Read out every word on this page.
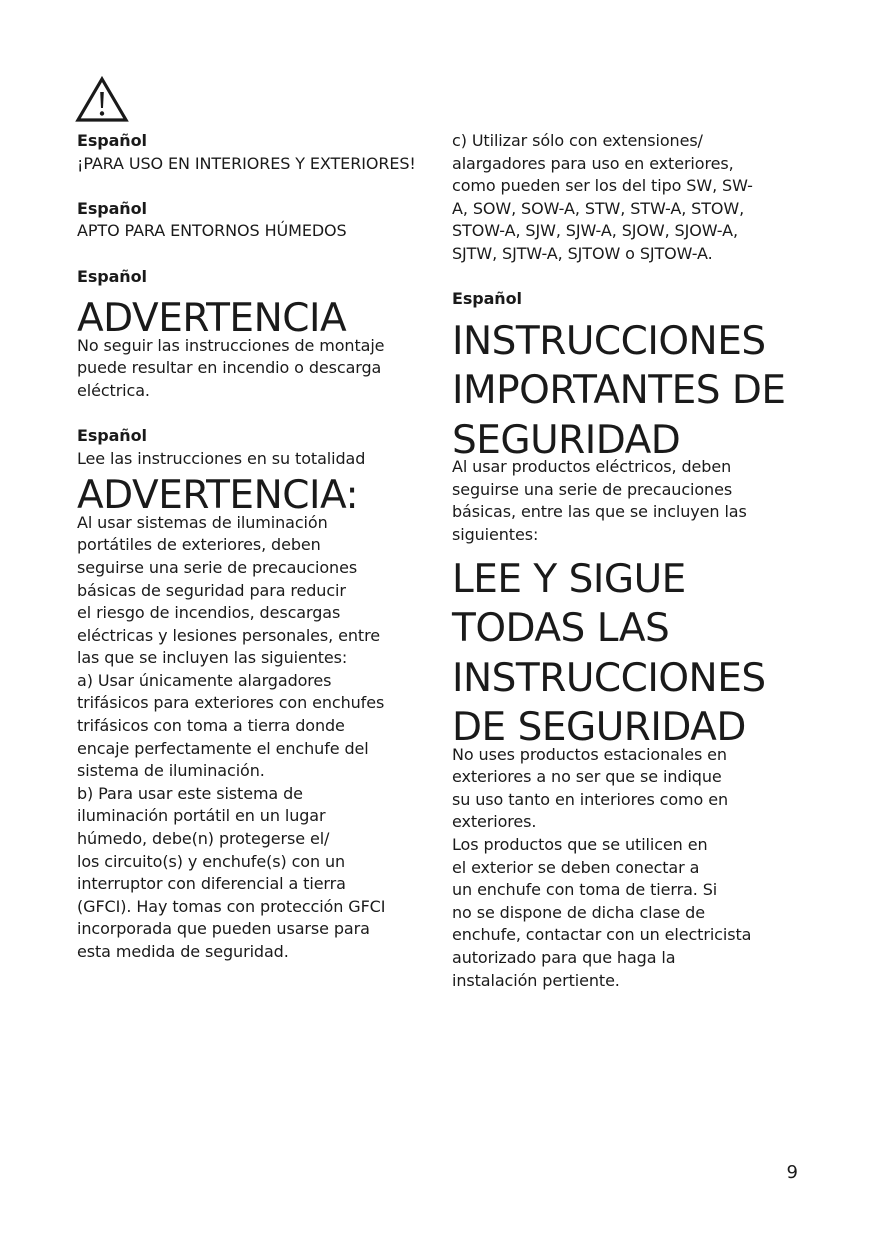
Español

¡PARA USO EN INTERIORES Y EXTERIORES!

Español

APTO PARA ENTORNOS HÚMEDOS

Español

ADVERTENCIA

No seguir las instrucciones de montaje puede resultar en incendio o descarga eléctrica.

Español

Lee las instrucciones en su totalidad

ADVERTENCIA:
Al usar sistemas de iluminación
portátiles de exteriores, deben
seguirse una serie de precauciones
básicas de seguridad para reducir
el riesgo de incendios, descargas
eléctricas y lesiones personales, entre
las que se incluyen las siguientes:
a) Usar únicamente alargadores
trifásicos para exteriores con enchufes
trifásicos con toma a tierra donde
encaje perfectamente el enchufe del
sistema de iluminación.
b) Para usar este sistema de
iluminación portátil en un lugar
húmedo, debe(n) protegerse el/
los circuito(s) y enchufe(s) con un
interruptor con diferencial a tierra
(GFCI). Hay tomas con protección GFCI
incorporada que pueden usarse para
esta medida de seguridad.
c) Utilizar sólo con extensiones/
alargadores para uso en exteriores,
como pueden ser los del tipo SW, SW-
A, SOW, SOW-A, STW, STW-A, STOW,
STOW-A, SJW, SJW-A, SJOW, SJOW-A,
SJTW, SJTW-A, SJTOW o SJTOW-A.

Español

INSTRUCCIONES
IMPORTANTES DE
SEGURIDAD
Al usar productos eléctricos, deben
seguirse una serie de precauciones
básicas, entre las que se incluyen las
siguientes:
LEE Y SIGUE
TODAS LAS
INSTRUCCIONES
DE SEGURIDAD
No uses productos estacionales en
exteriores a no ser que se indique
su uso tanto en interiores como en
exteriores.
Los productos que se utilicen en
el exterior se deben conectar a
un enchufe con toma de tierra. Si
no se dispone de dicha clase de
enchufe, contactar con un electricista
autorizado para que haga la
instalación pertiente.
9
